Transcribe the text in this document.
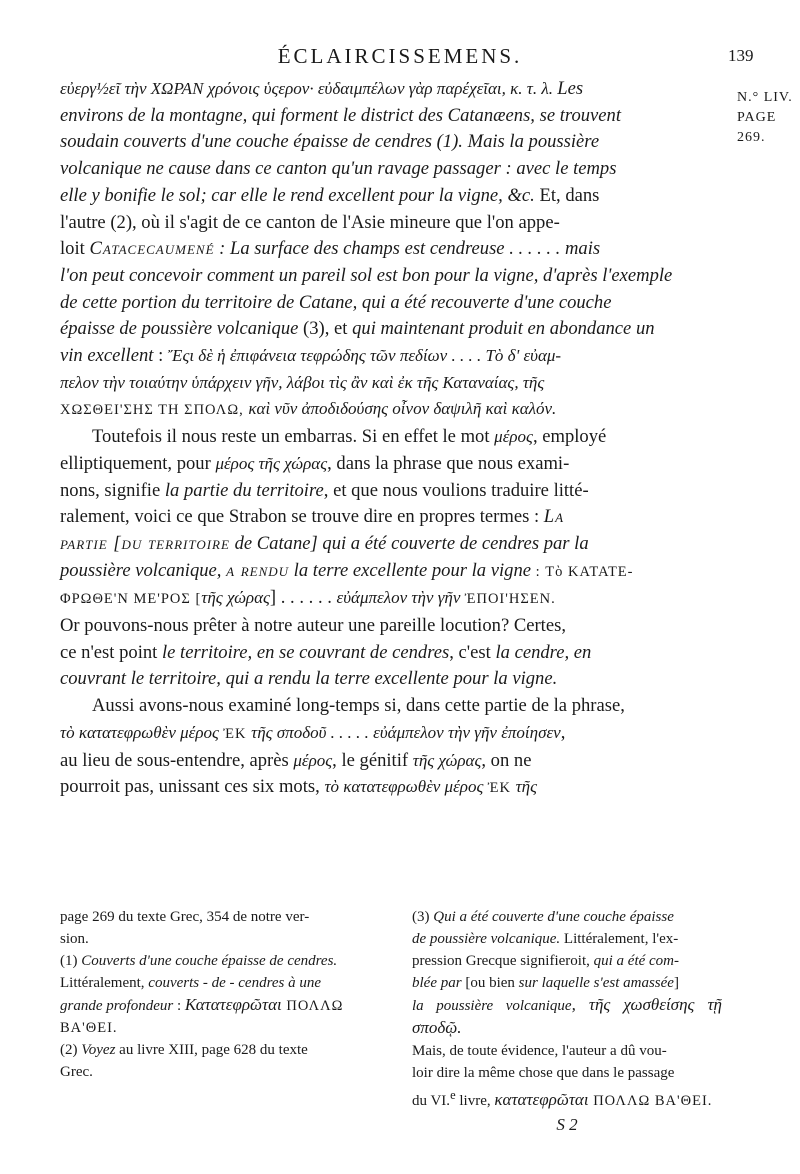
ÉCLAIRCISSEMENS.	139
N.° LIV.
PAGE 269.

εὐεργ½εῖ τὴν ΧΩΡΑΝ χρόνοις ὑςερον· εὐδαιμπέλων γὰρ παρέχεῖαι, κ. τ. λ. Les
environs de la montagne, qui forment le district des Catanæens, se trouvent
soudain couverts d'une couche épaisse de cendres (1). Mais la poussière
volcanique ne cause dans ce canton qu'un ravage passager : avec le temps
elle y bonifie le sol; car elle le rend excellent pour la vigne, &c. Et, dans
l'autre (2), où il s'agit de ce canton de l'Asie mineure que l'on appe-
loit Catacecaumené : La surface des champs est cendreuse . . . . . . mais
l'on peut concevoir comment un pareil sol est bon pour la vigne, d'après l'exemple
de cette portion du territoire de Catane, qui a été recouverte d'une couche
épaisse de poussière volcanique (3), et qui maintenant produit en abondance un
vin excellent : Ἔςι δὲ ἡ ἐπιφάνεια τεφρώδης τῶν πεδίων . . . . Τὸ δ' εὐαμ-
πελον τὴν τοιαύτην ὑπάρχειν γῆν, λάβοι τὶς ἂν καὶ ἐκ τῆς Καταναίας, τῆς
ΧΩΣΘΕΙ'ΣΗΣ ΤΗ ΣΠΟΛΩ, καὶ νῦν ἀποδιδούσης οἶνον δαψιλῆ καὶ καλόν.

Toutefois il nous reste un embarras. Si en effet le mot μέρος, employé
elliptiquement, pour μέρος τῆς χώρας, dans la phrase que nous exami-
nons, signifie la partie du territoire, et que nous voulions traduire litté-
ralement, voici ce que Strabon se trouve dire en propres termes : La
partie [du territoire de Catane] qui a été couverte de cendres par la
poussière volcanique, a rendu la terre excellente pour la vigne : Τὸ ΚΑΤΑΤΕ-
ΦΡΩΘΕ'Ν ΜΕ'ΡΟΣ [τῆς χώρας] . . . . . . εὐάμπελον τὴν γῆν ἘΠΟΙ'ΗΣΕΝ.
Or pouvons-nous prêter à notre auteur une pareille locution? Certes,
ce n'est point le territoire, en se couvrant de cendres, c'est la cendre, en
couvrant le territoire, qui a rendu la terre excellente pour la vigne.

Aussi avons-nous examiné long-temps si, dans cette partie de la phrase,
τὸ κατατεφρωθὲν μέρος ἘΚ τῆς σποδοῦ . . . . . εὐάμπελον τὴν γῆν ἐποίησεν,
au lieu de sous-entendre, après μέρος, le génitif τῆς χώρας, on ne
pourroit pas, unissant ces six mots, τὸ κατατεφρωθὲν μέρος ἘΚ τῆς

page 269 du texte Grec, 354 de notre ver-
sion.

(1) Couverts d'une couche épaisse de cendres.
Littéralement, couverts - de - cendres à une
grande profondeur : Κατατεφρῶται ΠΟΛΛΩ
ΒΑ'ΘΕΙ.

(2) Voyez au livre XIII, page 628 du texte
Grec.

(3) Qui a été couverte d'une couche épaisse
de poussière volcanique. Littéralement, l'ex-
pression Grecque signifieroit, qui a été com-
blée par [ou bien sur laquelle s'est amassée]
la poussière volcanique, τῆς χωσθείσης τῇ σποδῷ.
Mais, de toute évidence, l'auteur a dû vou-
loir dire la même chose que dans le passage
du VI.$^e$ livre, κατατεφρῶται ΠΟΛΛΩ ΒΑ'ΘΕΙ.

S 2
